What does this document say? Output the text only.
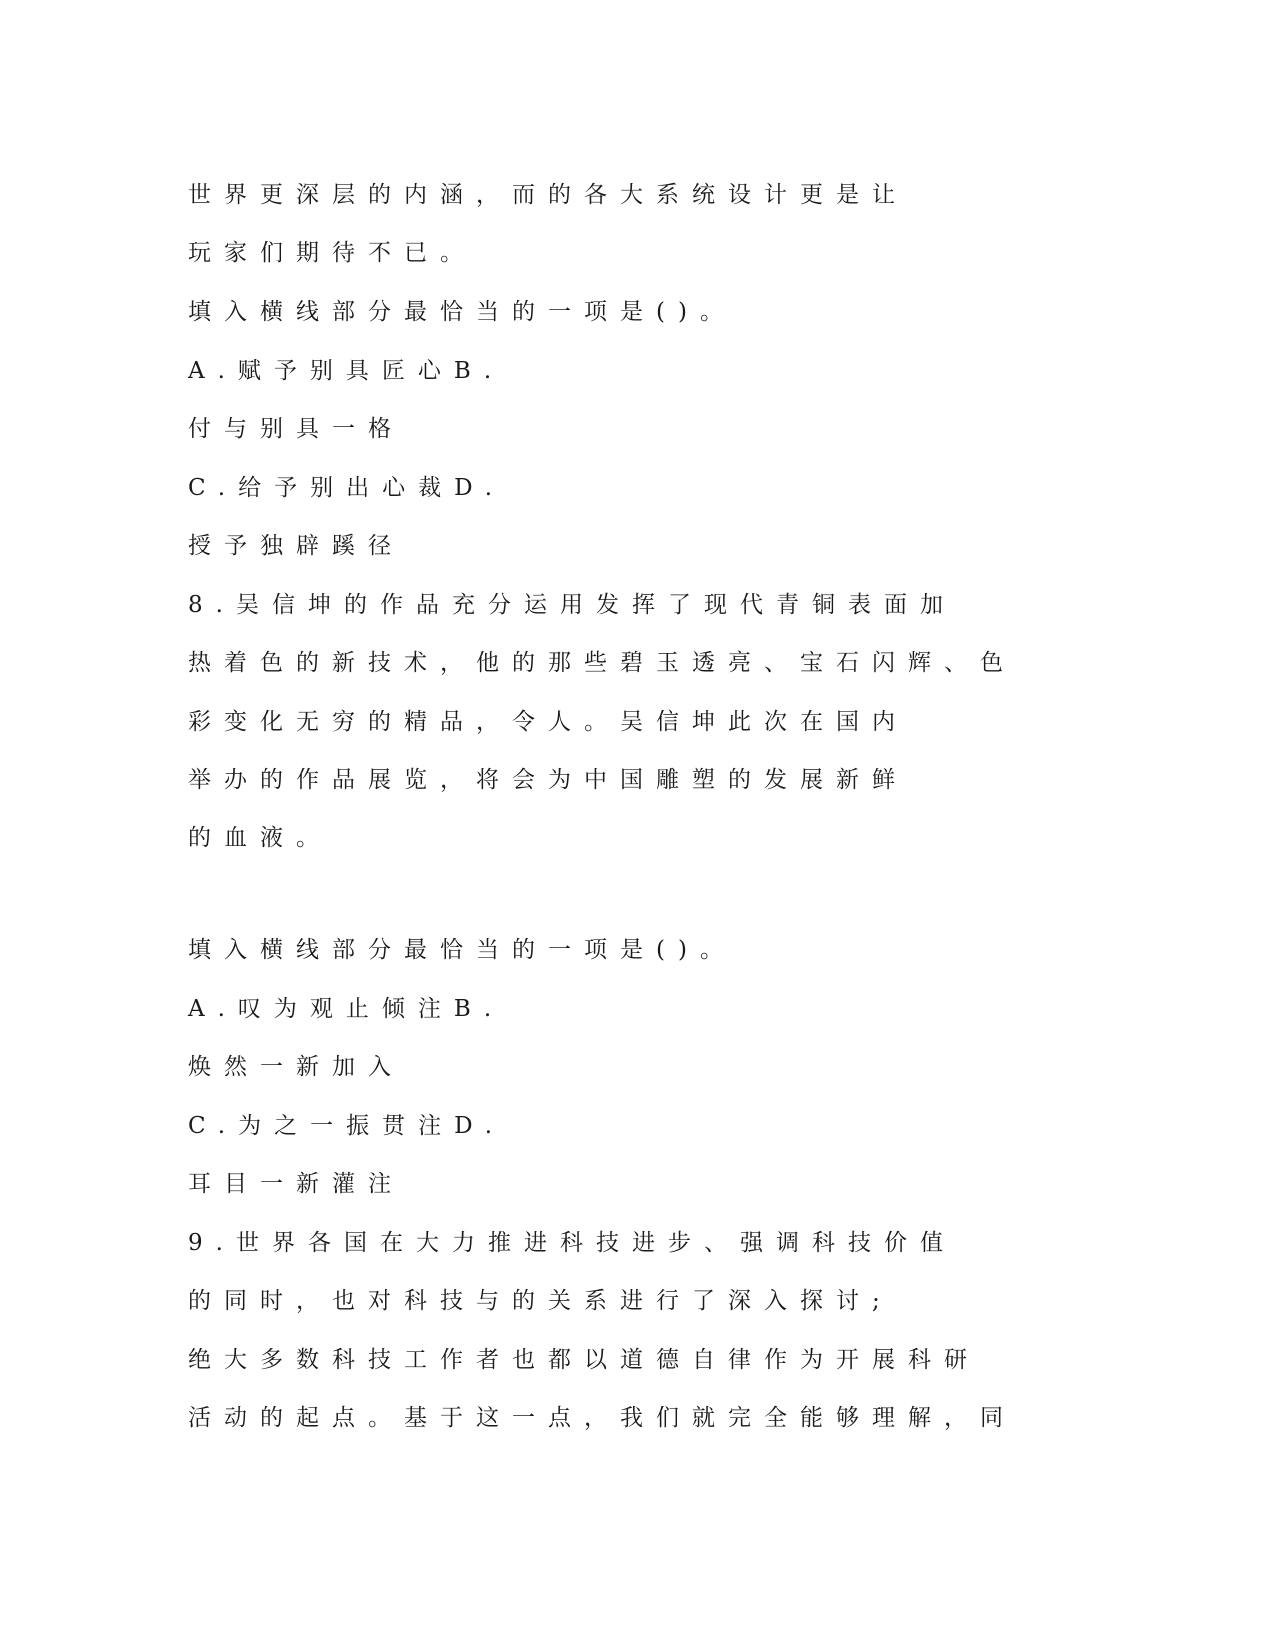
世界更深层的内涵，而的各大系统设计更是让

玩家们期待不已。

填入横线部分最恰当的一项是()。

A.赋予别具匠心B.

付与别具一格

C.给予别出心裁D.

授予独辟蹊径

8.吴信坤的作品充分运用发挥了现代青铜表面加

热着色的新技术，他的那些碧玉透亮、宝石闪辉、色

彩变化无穷的精品，令人。吴信坤此次在国内

举办的作品展览，将会为中国雕塑的发展新鲜

的血液。

填入横线部分最恰当的一项是()。

A.叹为观止倾注B.

焕然一新加入

C.为之一振贯注D.

耳目一新灌注

9.世界各国在大力推进科技进步、强调科技价值

的同时，也对科技与的关系进行了深入探讨;

绝大多数科技工作者也都以道德自律作为开展科研

活动的起点。基于这一点，我们就完全能够理解，同
